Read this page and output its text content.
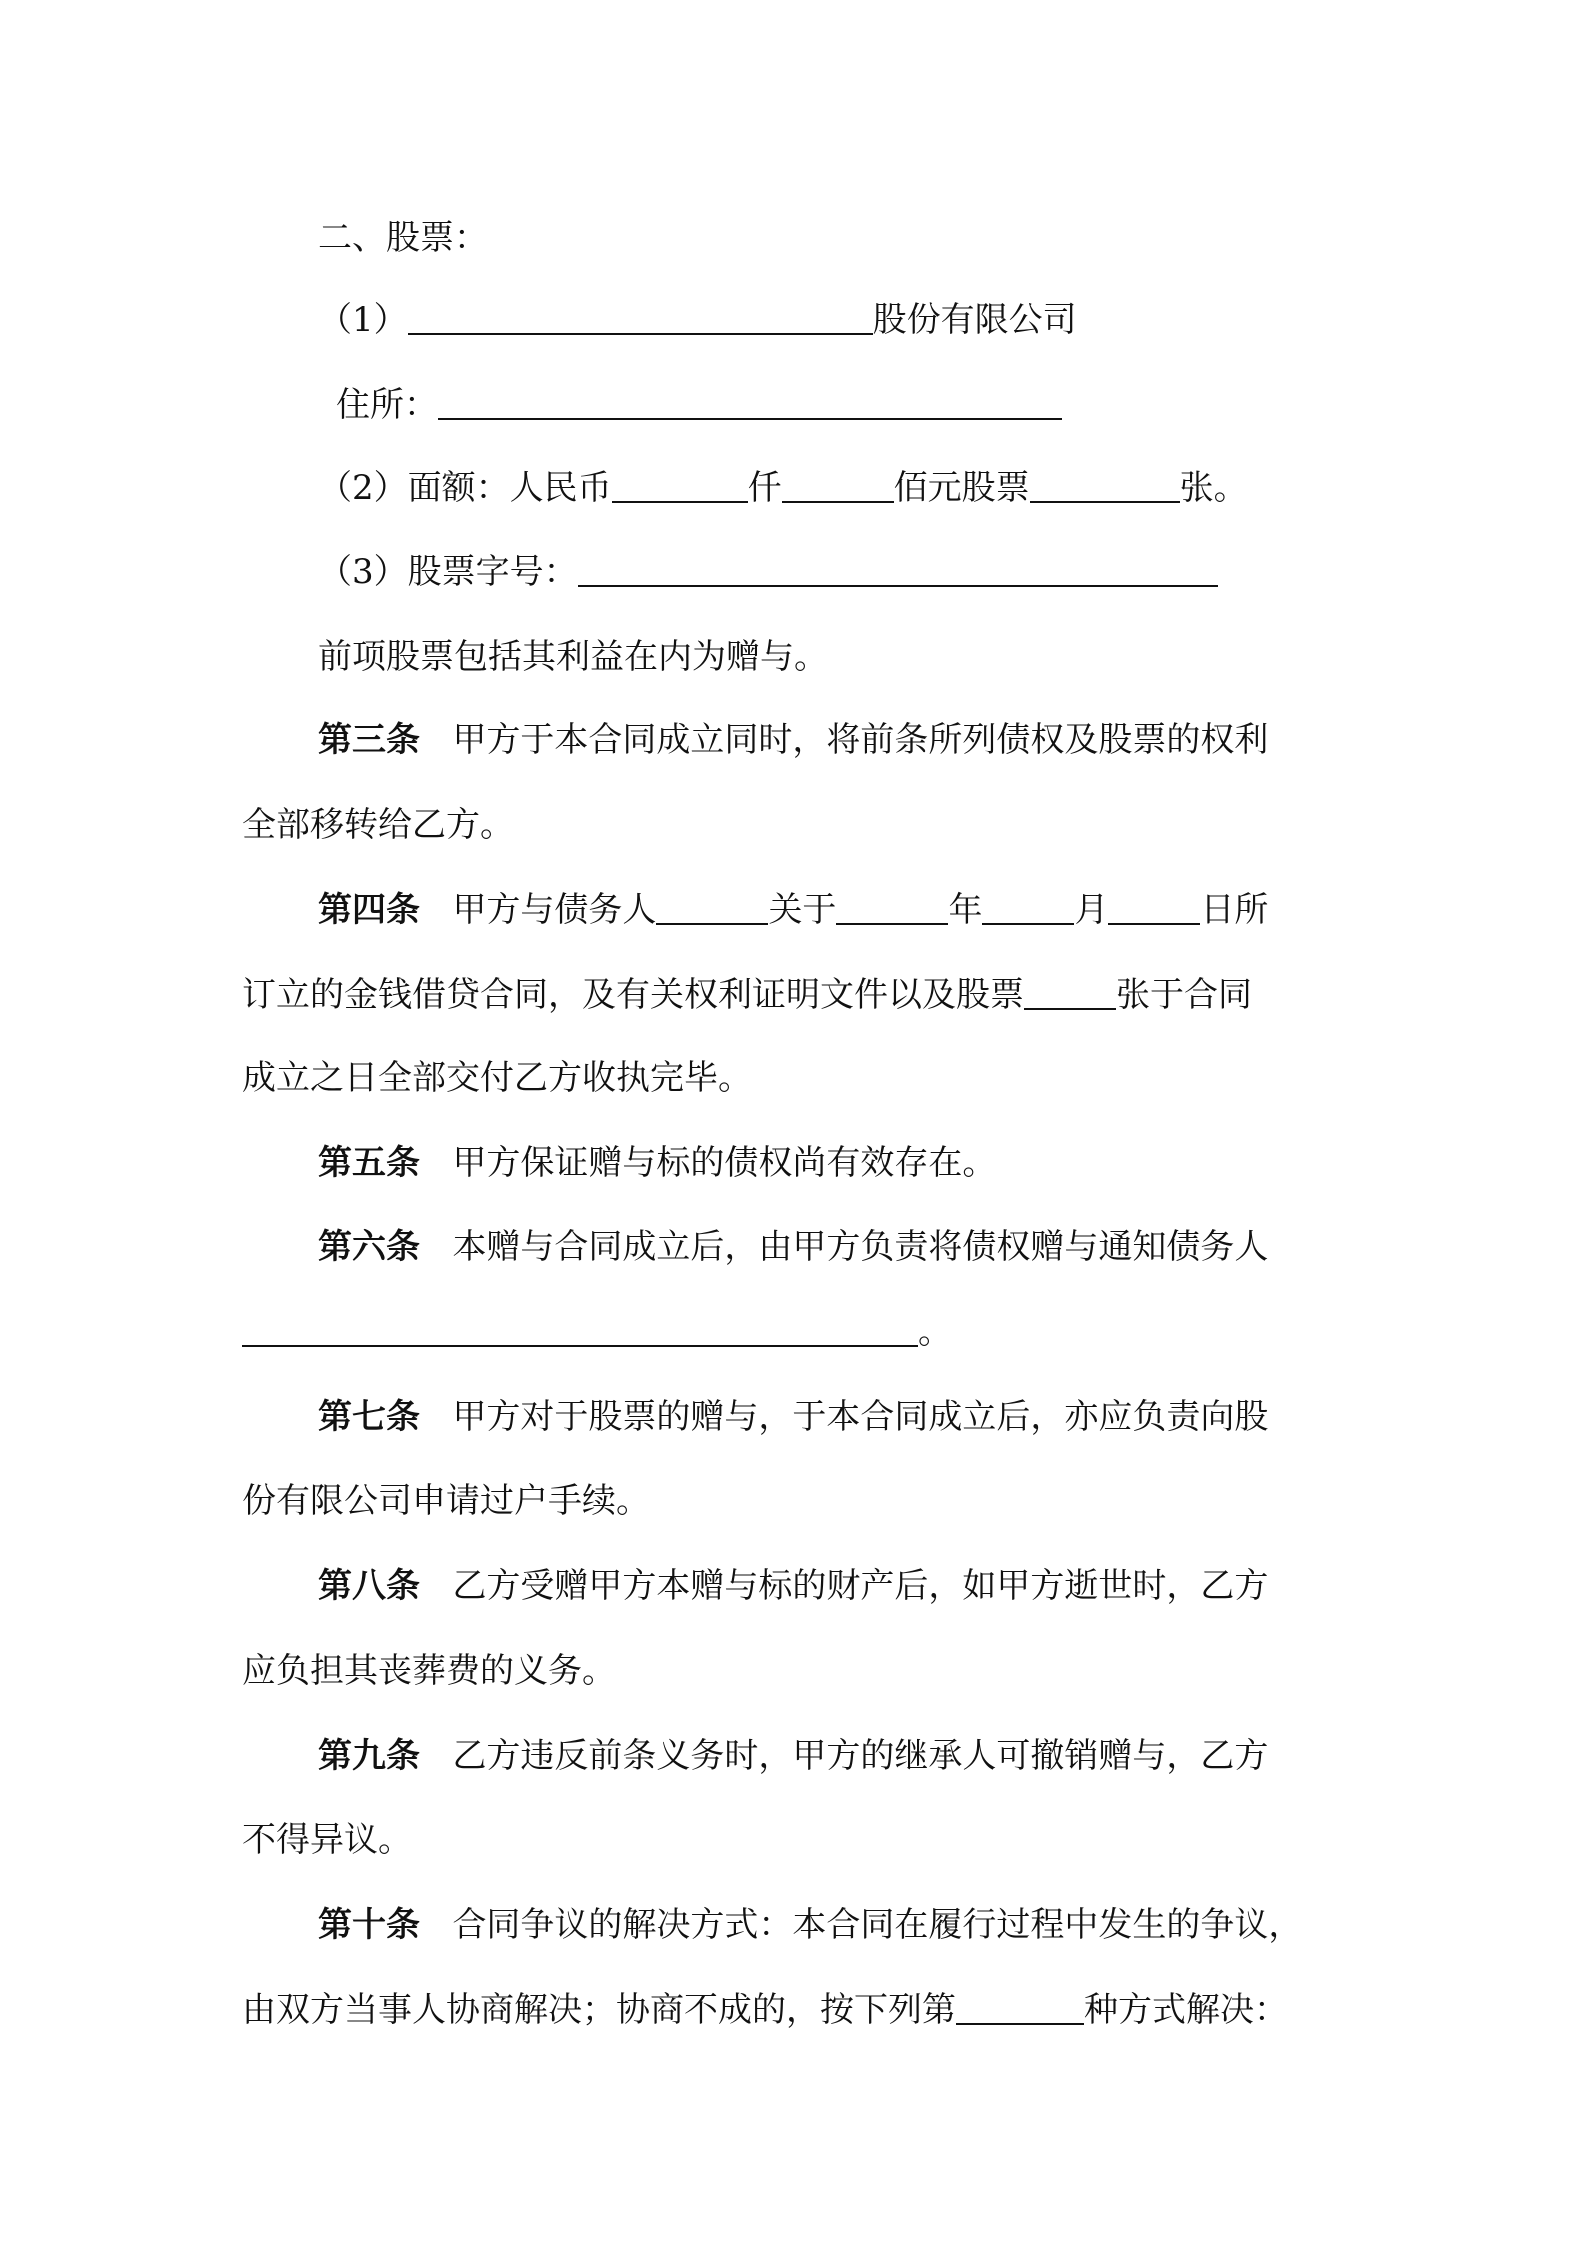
二、股票：
（1）	股份有限公司
住所：
（2）面额：人民币	仟	佰元股票	张。
（3）股票字号：
前项股票包括其利益在内为赠与。
第三条 甲方于本合同成立同时，将前条所列债权及股票的权利
全部移转给乙方。
第四条 甲方与债务人	关于	年	月	日所
订立的金钱借贷合同，及有关权利证明文件以及股票	张于合同
成立之日全部交付乙方收执完毕。
第五条 甲方保证赠与标的债权尚有效存在。
第六条 本赠与合同成立后，由甲方负责将债权赠与通知债务人
。
第七条 甲方对于股票的赠与，于本合同成立后，亦应负责向股
份有限公司申请过户手续。
第八条 乙方受赠甲方本赠与标的财产后，如甲方逝世时，乙方
应负担其丧葬费的义务。
第九条 乙方违反前条义务时，甲方的继承人可撤销赠与，乙方
不得异议。
第十条 合同争议的解决方式：本合同在履行过程中发生的争议，
由双方当事人协商解决；协商不成的，按下列第	种方式解决：
